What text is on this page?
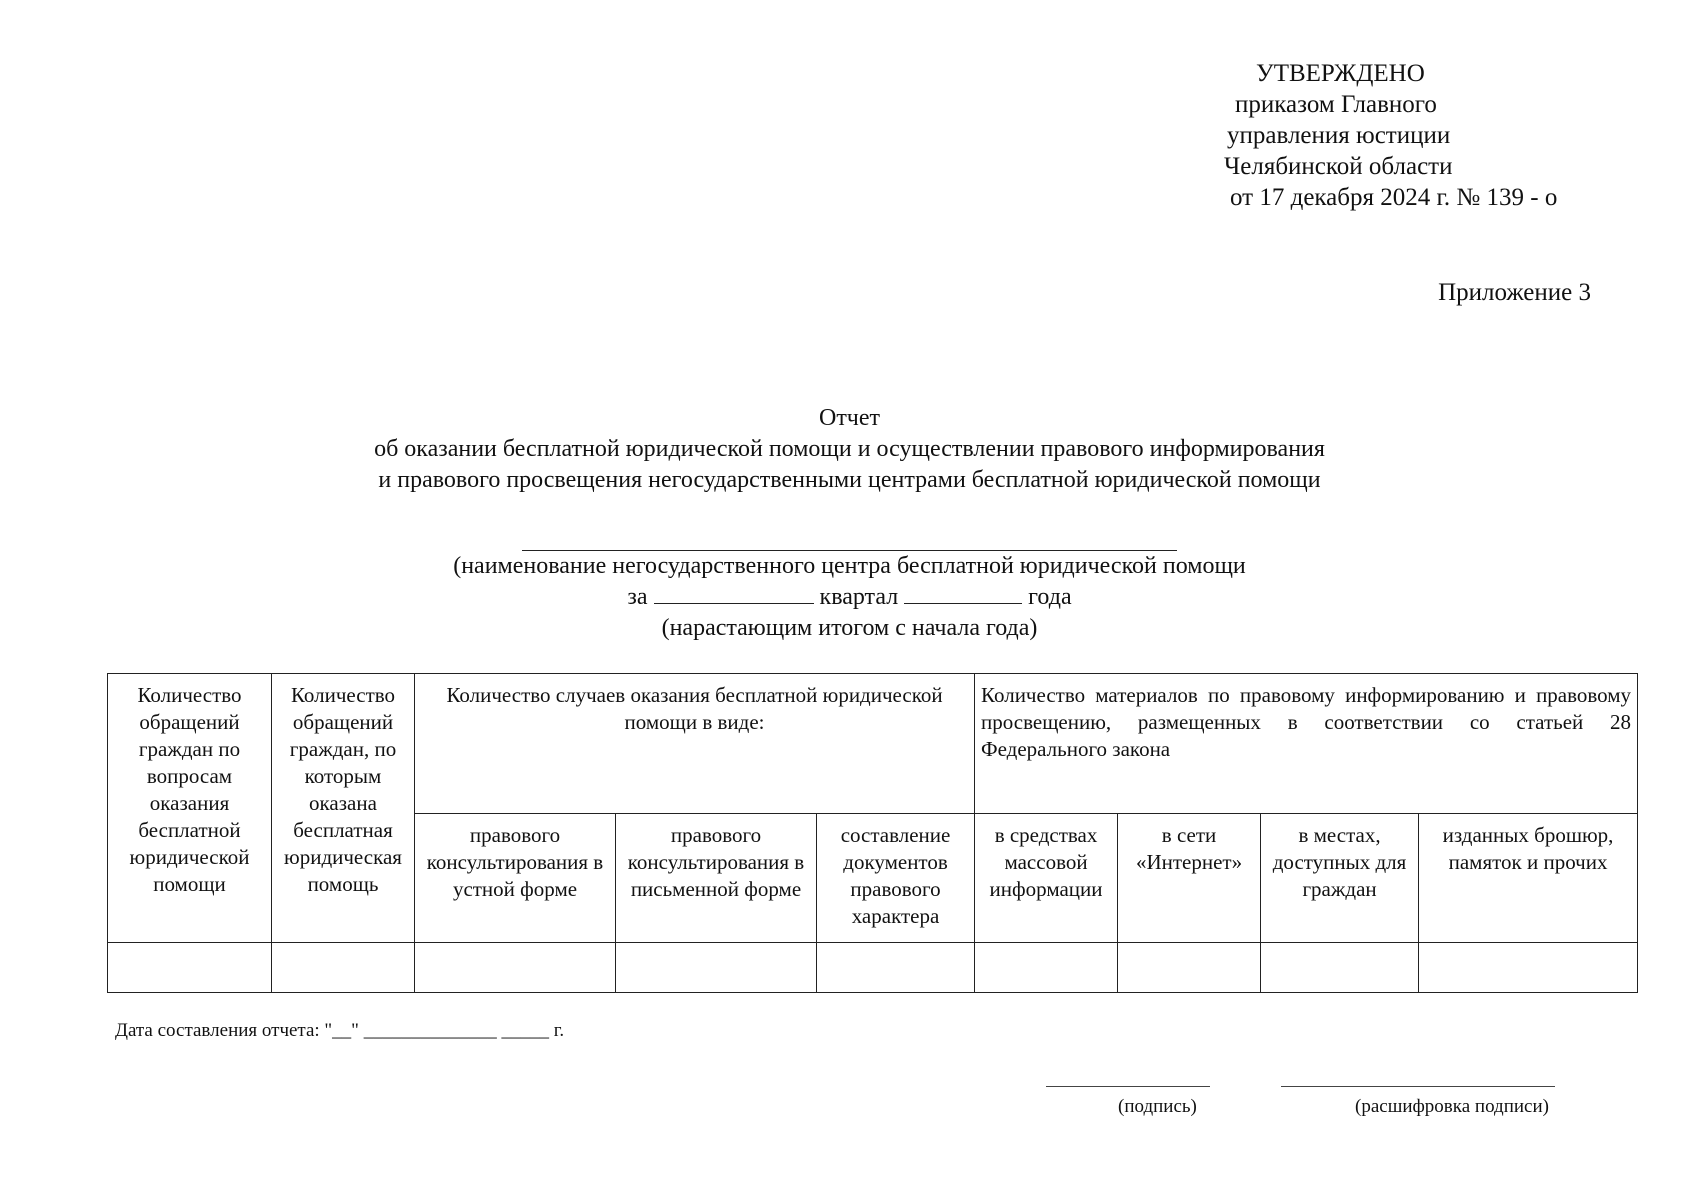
УТВЕРЖДЕНО
приказом Главного
управления юстиции
Челябинской области
от 17 декабря 2024 г. № 139 - о
Приложение 3
Отчет
об оказании бесплатной юридической помощи и осуществлении правового информирования
и правового просвещения негосударственными центрами бесплатной юридической помощи
(наименование негосударственного центра бесплатной юридической помощи
за	квартал	года
(нарастающим итогом с начала года)
Количество обращений граждан по вопросам оказания бесплатной юридической помощи	Количество обращений граждан, по которым оказана бесплатная юридическая помощь	Количество случаев оказания бесплатной юридической помощи в виде:			Количество материалов по правовому информированию и правовому просвещению, размещенных в соответствии со статьей 28 Федерального закона			
		правового консультирования в устной форме	правового консультирования в письменной форме	составление документов правового характера	в средствах массовой информации	в сети «Интернет»	в местах, доступных для граждан	изданных брошюр, памяток и прочих

Дата составления отчета: "__" ______________ _____ г.
(подпись)	(расшифровка подписи)
